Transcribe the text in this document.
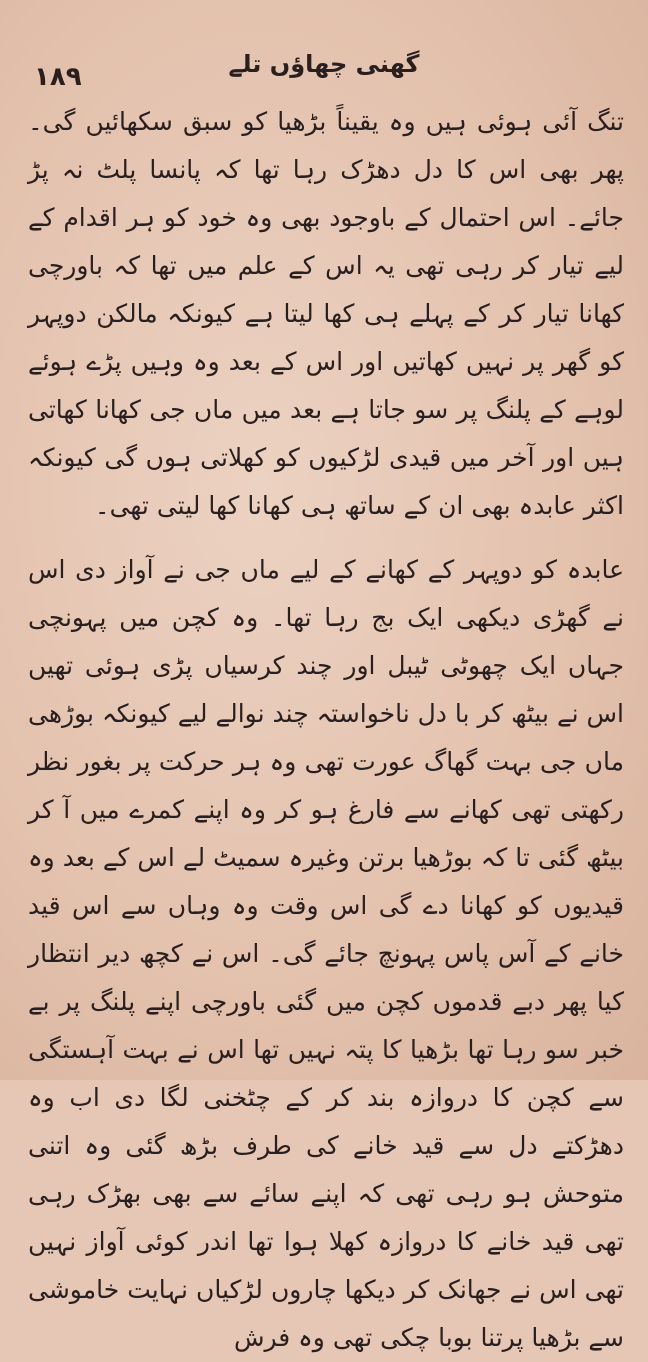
۱۸۹	گھنی چھاؤں تلے

تنگ آئی ہوئی ہیں وہ یقیناً بڑھیا کو سبق سکھائیں گی۔ پھر بھی اس کا دل دھڑک رہا تھا کہ پانسا پلٹ نہ پڑ جائے۔ اس احتمال کے باوجود بھی وہ خود کو ہر اقدام کے لیے تیار کر رہی تھی یہ اس کے علم میں تھا کہ باورچی کھانا تیار کر کے پہلے ہی کھا لیتا ہے کیونکہ مالکن دوپہر کو گھر پر نہیں کھاتیں اور اس کے بعد وہ وہیں پڑے ہوئے لوہے کے پلنگ پر سو جاتا ہے بعد میں ماں جی کھانا کھاتی ہیں اور آخر میں قیدی لڑکیوں کو کھلاتی ہوں گی کیونکہ اکثر عابدہ بھی ان کے ساتھ ہی کھانا کھا لیتی تھی۔

عابدہ کو دوپہر کے کھانے کے لیے ماں جی نے آواز دی اس نے گھڑی دیکھی ایک بج رہا تھا۔ وہ کچن میں پہونچی جہاں ایک چھوٹی ٹیبل اور چند کرسیاں پڑی ہوئی تھیں اس نے بیٹھ کر با دل ناخواستہ چند نوالے لیے کیونکہ بوڑھی ماں جی بہت گھاگ عورت تھی وہ ہر حرکت پر بغور نظر رکھتی تھی کھانے سے فارغ ہو کر وہ اپنے کمرے میں آ کر بیٹھ گئی تا کہ بوڑھیا برتن وغیرہ سمیٹ لے اس کے بعد وہ قیدیوں کو کھانا دے گی اس وقت وہ وہاں سے اس قید خانے کے آس پاس پہونچ جائے گی۔ اس نے کچھ دیر انتظار کیا پھر دبے قدموں کچن میں گئی باورچی اپنے پلنگ پر بے خبر سو رہا تھا بڑھیا کا پتہ نہیں تھا اس نے بہت آہستگی سے کچن کا دروازہ بند کر کے چٹخنی لگا دی اب وہ دھڑکتے دل سے قید خانے کی طرف بڑھ گئی وہ اتنی متوحش ہو رہی تھی کہ اپنے سائے سے بھی بھڑک رہی تھی قید خانے کا دروازہ کھلا ہوا تھا اندر کوئی آواز نہیں تھی اس نے جھانک کر دیکھا چاروں لڑکیاں نہایت خاموشی سے بڑھیا پرتنا بوبا چکی تھی وہ فرش
